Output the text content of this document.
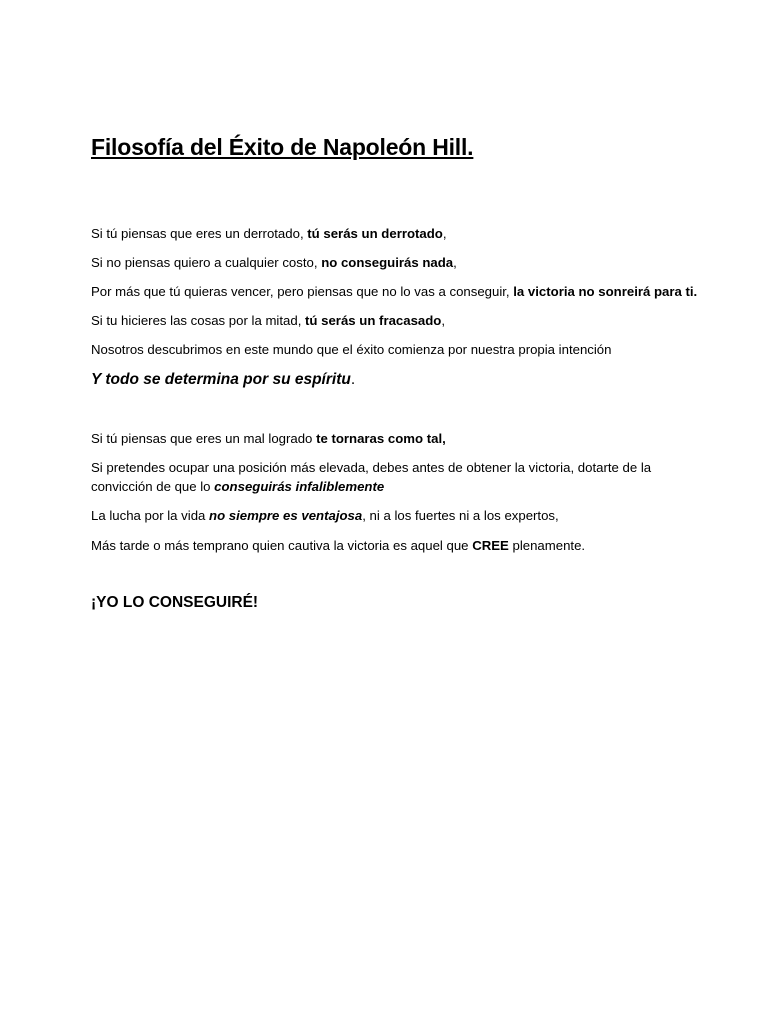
Filosofía del Éxito de Napoleón Hill.
Si tú piensas que eres un derrotado, tú serás un derrotado,
Si no piensas quiero a cualquier costo, no conseguirás nada,
Por más que tú quieras vencer, pero piensas que no lo vas a conseguir, la victoria no sonreirá para ti.
Si tu hicieres las cosas por la mitad, tú serás un fracasado,
Nosotros descubrimos en este mundo que el éxito comienza por nuestra propia intención
Y todo se determina por su espíritu.
Si tú piensas que eres un mal logrado te tornaras como tal,
Si pretendes ocupar una posición más elevada, debes antes de obtener la victoria, dotarte de la convicción de que lo conseguirás infaliblemente
La lucha por la vida no siempre es ventajosa, ni a los fuertes ni a los expertos,
Más tarde o más temprano quien cautiva la victoria es aquel que CREE plenamente.
¡YO LO CONSEGUIRÉ!
